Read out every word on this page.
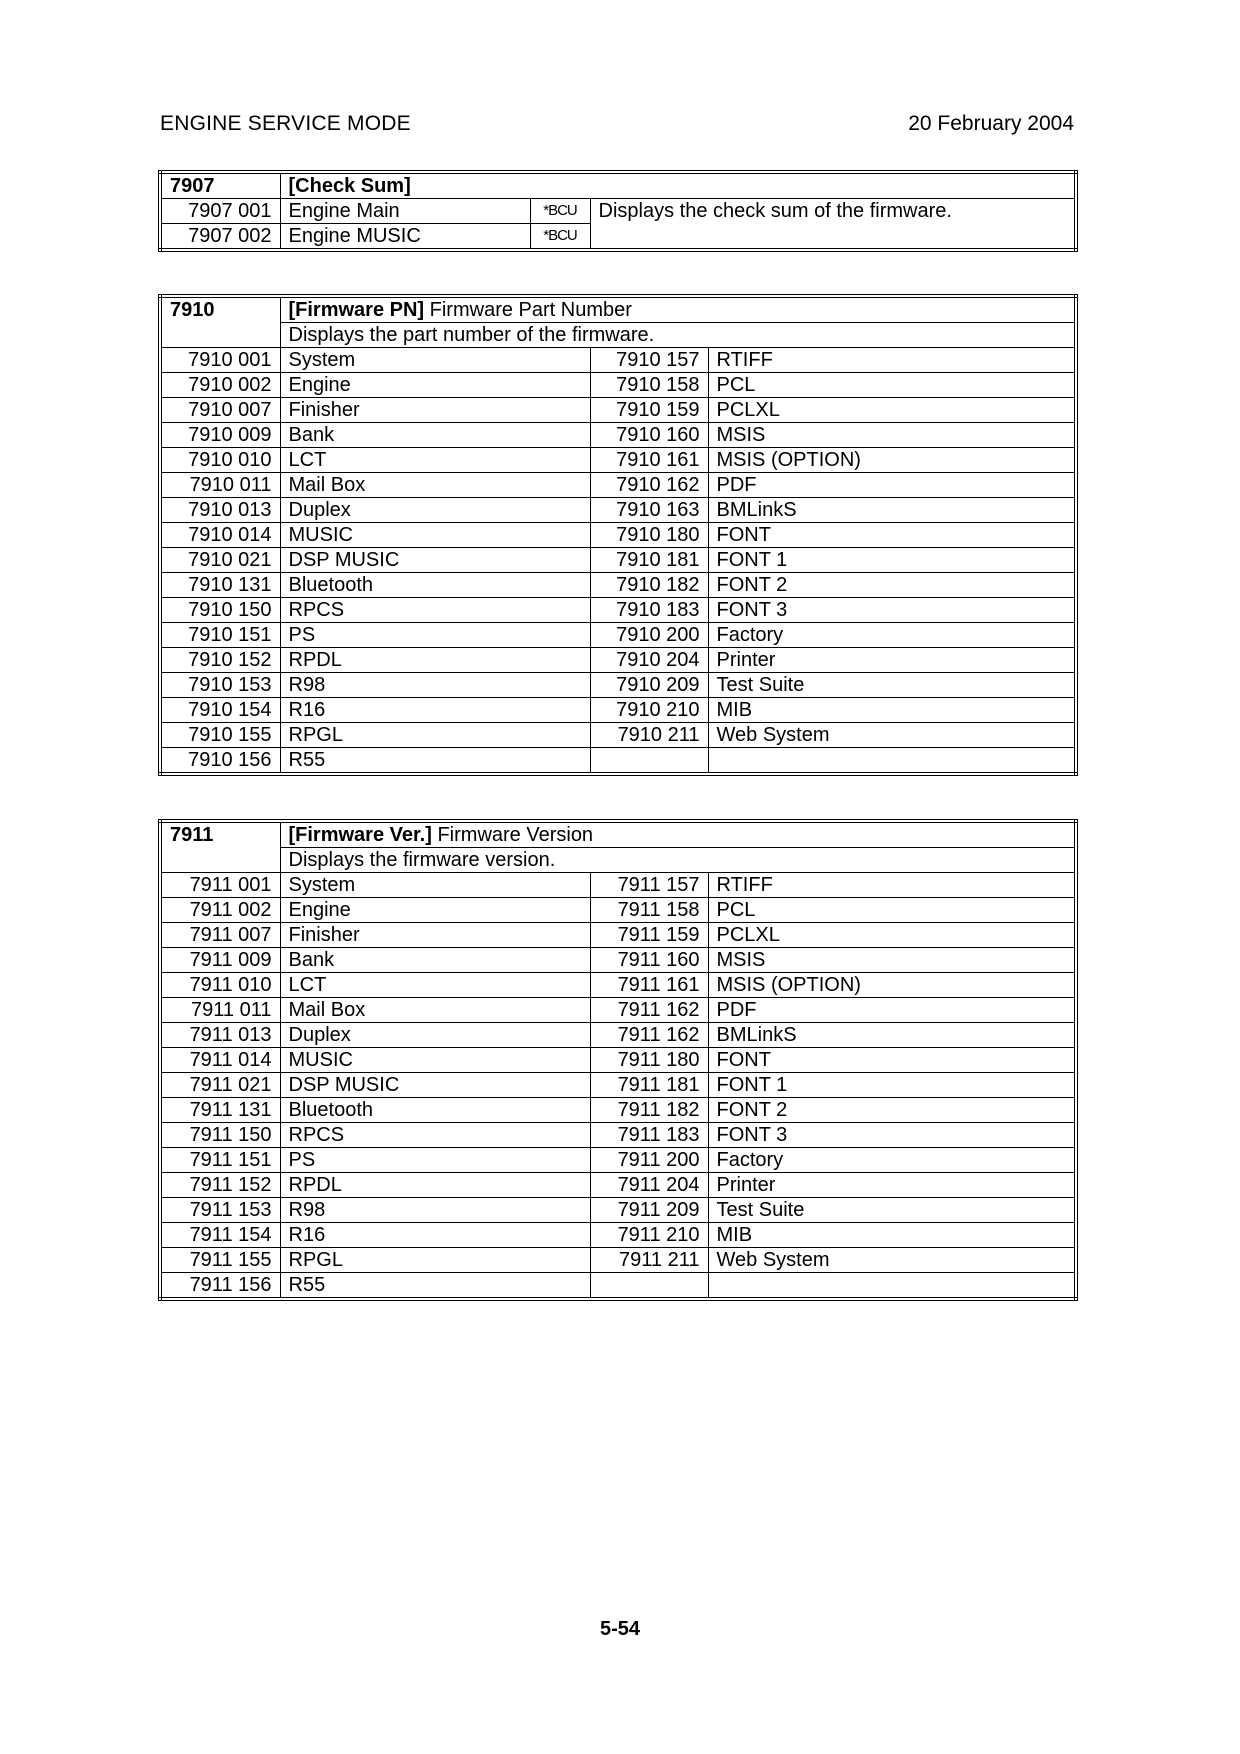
ENGINE SERVICE MODE	20 February 2004
7907	[Check Sum]		
7907 001	Engine Main	*BCU	Displays the check sum of the firmware.
7907 002	Engine MUSIC	*BCU	
7910	[Firmware PN] Firmware Part Number		
	Displays the part number of the firmware.		
7910 001	System	7910 157	RTIFF
7910 002	Engine	7910 158	PCL
7910 007	Finisher	7910 159	PCLXL
7910 009	Bank	7910 160	MSIS
7910 010	LCT	7910 161	MSIS (OPTION)
7910 011	Mail Box	7910 162	PDF
7910 013	Duplex	7910 163	BMLinkS
7910 014	MUSIC	7910 180	FONT
7910 021	DSP MUSIC	7910 181	FONT 1
7910 131	Bluetooth	7910 182	FONT 2
7910 150	RPCS	7910 183	FONT 3
7910 151	PS	7910 200	Factory
7910 152	RPDL	7910 204	Printer
7910 153	R98	7910 209	Test Suite
7910 154	R16	7910 210	MIB
7910 155	RPGL	7910 211	Web System
7910 156	R55		
7911	[Firmware Ver.] Firmware Version		
	Displays the firmware version.		
7911 001	System	7911 157	RTIFF
7911 002	Engine	7911 158	PCL
7911 007	Finisher	7911 159	PCLXL
7911 009	Bank	7911 160	MSIS
7911 010	LCT	7911 161	MSIS (OPTION)
7911 011	Mail Box	7911 162	PDF
7911 013	Duplex	7911 162	BMLinkS
7911 014	MUSIC	7911 180	FONT
7911 021	DSP MUSIC	7911 181	FONT 1
7911 131	Bluetooth	7911 182	FONT 2
7911 150	RPCS	7911 183	FONT 3
7911 151	PS	7911 200	Factory
7911 152	RPDL	7911 204	Printer
7911 153	R98	7911 209	Test Suite
7911 154	R16	7911 210	MIB
7911 155	RPGL	7911 211	Web System
7911 156	R55		
5-54
